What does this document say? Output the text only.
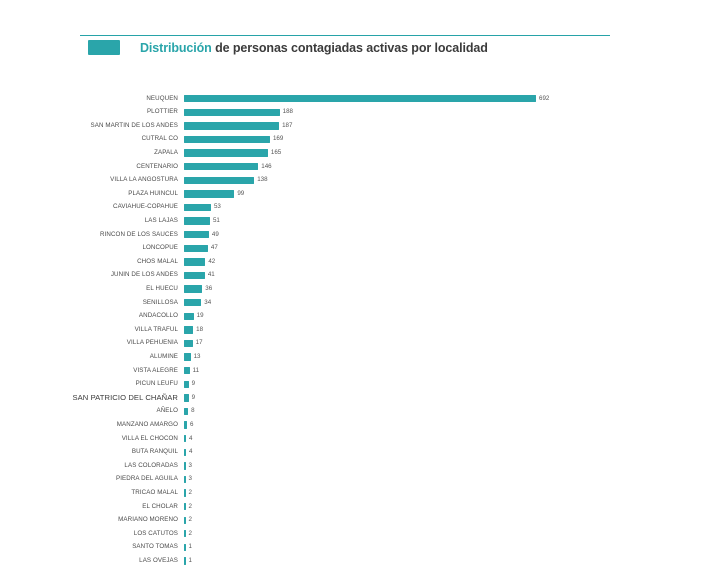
Distribución de personas contagiadas activas por localidad
NEUQUEN	692
PLOTTIER	188
SAN MARTIN DE LOS ANDES	187
CUTRAL CO	169
ZAPALA	165
CENTENARIO	146
VILLA LA ANGOSTURA	138
PLAZA HUINCUL	99
CAVIAHUE-COPAHUE	53
LAS LAJAS	51
RINCON DE LOS SAUCES	49
LONCOPUE	47
CHOS MALAL	42
JUNIN DE LOS ANDES	41
EL HUECU	36
SENILLOSA	34
ANDACOLLO	19
VILLA TRAFUL	18
VILLA PEHUENIA	17
ALUMINE	13
VISTA ALEGRE	11
PICUN LEUFU	9
SAN PATRICIO DEL CHAÑAR	9
AÑELO	8
MANZANO AMARGO	6
VILLA EL CHOCON	4
BUTA RANQUIL	4
LAS COLORADAS	3
PIEDRA DEL AGUILA	3
TRICAO MALAL	2
EL CHOLAR	2
MARIANO MORENO	2
LOS CATUTOS	2
SANTO TOMAS	1
LAS OVEJAS	1
